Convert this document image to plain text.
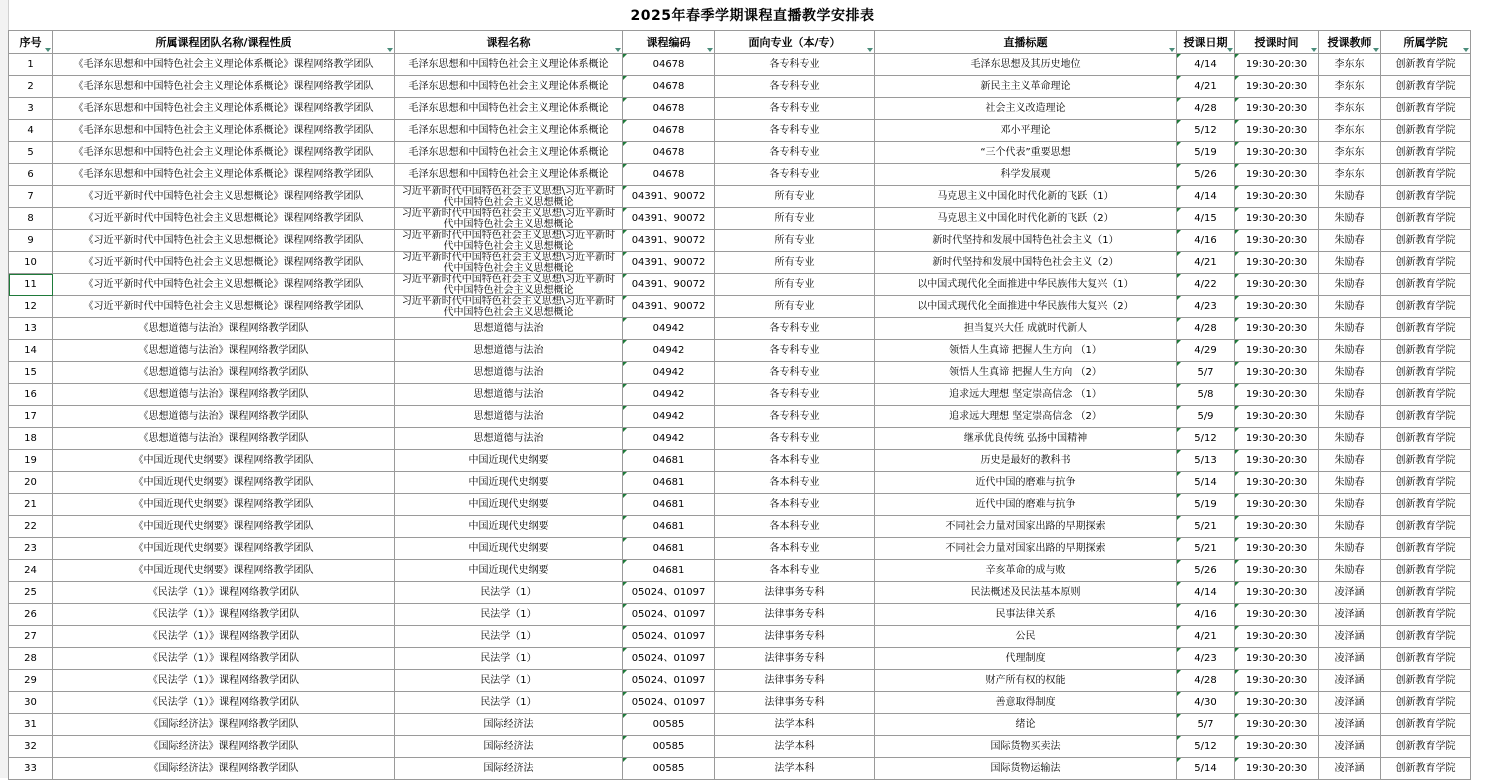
2025年春季学期课程直播教学安排表
序号	所属课程团队名称/课程性质	课程名称	课程编码	面向专业（本/专）	直播标题	授课日期	授课时间	授课教师	所属学院

1	《毛泽东思想和中国特色社会主义理论体系概论》课程网络教学团队	毛泽东思想和中国特色社会主义理论体系概论	04678	各专科专业	毛泽东思想及其历史地位	4/14	19:30-20:30	李东东	创新教育学院
2	《毛泽东思想和中国特色社会主义理论体系概论》课程网络教学团队	毛泽东思想和中国特色社会主义理论体系概论	04678	各专科专业	新民主主义革命理论	4/21	19:30-20:30	李东东	创新教育学院
3	《毛泽东思想和中国特色社会主义理论体系概论》课程网络教学团队	毛泽东思想和中国特色社会主义理论体系概论	04678	各专科专业	社会主义改造理论	4/28	19:30-20:30	李东东	创新教育学院
4	《毛泽东思想和中国特色社会主义理论体系概论》课程网络教学团队	毛泽东思想和中国特色社会主义理论体系概论	04678	各专科专业	邓小平理论	5/12	19:30-20:30	李东东	创新教育学院
5	《毛泽东思想和中国特色社会主义理论体系概论》课程网络教学团队	毛泽东思想和中国特色社会主义理论体系概论	04678	各专科专业	“三个代表”重要思想	5/19	19:30-20:30	李东东	创新教育学院
6	《毛泽东思想和中国特色社会主义理论体系概论》课程网络教学团队	毛泽东思想和中国特色社会主义理论体系概论	04678	各专科专业	科学发展观	5/26	19:30-20:30	李东东	创新教育学院
7	《习近平新时代中国特色社会主义思想概论》课程网络教学团队	习近平新时代中国特色社会主义思想\习近平新时代中国特色社会主义思想概论	04391、90072	所有专业	马克思主义中国化时代化新的飞跃（1）	4/14	19:30-20:30	朱励春	创新教育学院
8	《习近平新时代中国特色社会主义思想概论》课程网络教学团队	习近平新时代中国特色社会主义思想\习近平新时代中国特色社会主义思想概论	04391、90072	所有专业	马克思主义中国化时代化新的飞跃（2）	4/15	19:30-20:30	朱励春	创新教育学院
9	《习近平新时代中国特色社会主义思想概论》课程网络教学团队	习近平新时代中国特色社会主义思想\习近平新时代中国特色社会主义思想概论	04391、90072	所有专业	新时代坚持和发展中国特色社会主义（1）	4/16	19:30-20:30	朱励春	创新教育学院
10	《习近平新时代中国特色社会主义思想概论》课程网络教学团队	习近平新时代中国特色社会主义思想\习近平新时代中国特色社会主义思想概论	04391、90072	所有专业	新时代坚持和发展中国特色社会主义（2）	4/21	19:30-20:30	朱励春	创新教育学院
11	《习近平新时代中国特色社会主义思想概论》课程网络教学团队	习近平新时代中国特色社会主义思想\习近平新时代中国特色社会主义思想概论	04391、90072	所有专业	以中国式现代化全面推进中华民族伟大复兴（1）	4/22	19:30-20:30	朱励春	创新教育学院
12	《习近平新时代中国特色社会主义思想概论》课程网络教学团队	习近平新时代中国特色社会主义思想\习近平新时代中国特色社会主义思想概论	04391、90072	所有专业	以中国式现代化全面推进中华民族伟大复兴（2）	4/23	19:30-20:30	朱励春	创新教育学院
13	《思想道德与法治》课程网络教学团队	思想道德与法治	04942	各专科专业	担当复兴大任 成就时代新人	4/28	19:30-20:30	朱励春	创新教育学院
14	《思想道德与法治》课程网络教学团队	思想道德与法治	04942	各专科专业	领悟人生真谛 把握人生方向 （1）	4/29	19:30-20:30	朱励春	创新教育学院
15	《思想道德与法治》课程网络教学团队	思想道德与法治	04942	各专科专业	领悟人生真谛 把握人生方向 （2）	5/7	19:30-20:30	朱励春	创新教育学院
16	《思想道德与法治》课程网络教学团队	思想道德与法治	04942	各专科专业	追求远大理想 坚定崇高信念 （1）	5/8	19:30-20:30	朱励春	创新教育学院
17	《思想道德与法治》课程网络教学团队	思想道德与法治	04942	各专科专业	追求远大理想 坚定崇高信念 （2）	5/9	19:30-20:30	朱励春	创新教育学院
18	《思想道德与法治》课程网络教学团队	思想道德与法治	04942	各专科专业	继承优良传统 弘扬中国精神	5/12	19:30-20:30	朱励春	创新教育学院
19	《中国近现代史纲要》课程网络教学团队	中国近现代史纲要	04681	各本科专业	历史是最好的教科书	5/13	19:30-20:30	朱励春	创新教育学院
20	《中国近现代史纲要》课程网络教学团队	中国近现代史纲要	04681	各本科专业	近代中国的磨难与抗争	5/14	19:30-20:30	朱励春	创新教育学院
21	《中国近现代史纲要》课程网络教学团队	中国近现代史纲要	04681	各本科专业	近代中国的磨难与抗争	5/19	19:30-20:30	朱励春	创新教育学院
22	《中国近现代史纲要》课程网络教学团队	中国近现代史纲要	04681	各本科专业	不同社会力量对国家出路的早期探索	5/21	19:30-20:30	朱励春	创新教育学院
23	《中国近现代史纲要》课程网络教学团队	中国近现代史纲要	04681	各本科专业	不同社会力量对国家出路的早期探索	5/21	19:30-20:30	朱励春	创新教育学院
24	《中国近现代史纲要》课程网络教学团队	中国近现代史纲要	04681	各本科专业	辛亥革命的成与败	5/26	19:30-20:30	朱励春	创新教育学院
25	《民法学（1）》课程网络教学团队	民法学（1）	05024、01097	法律事务专科	民法概述及民法基本原则	4/14	19:30-20:30	凌泽涵	创新教育学院
26	《民法学（1）》课程网络教学团队	民法学（1）	05024、01097	法律事务专科	民事法律关系	4/16	19:30-20:30	凌泽涵	创新教育学院
27	《民法学（1）》课程网络教学团队	民法学（1）	05024、01097	法律事务专科	公民	4/21	19:30-20:30	凌泽涵	创新教育学院
28	《民法学（1）》课程网络教学团队	民法学（1）	05024、01097	法律事务专科	代理制度	4/23	19:30-20:30	凌泽涵	创新教育学院
29	《民法学（1）》课程网络教学团队	民法学（1）	05024、01097	法律事务专科	财产所有权的权能	4/28	19:30-20:30	凌泽涵	创新教育学院
30	《民法学（1）》课程网络教学团队	民法学（1）	05024、01097	法律事务专科	善意取得制度	4/30	19:30-20:30	凌泽涵	创新教育学院
31	《国际经济法》课程网络教学团队	国际经济法	00585	法学本科	绪论	5/7	19:30-20:30	凌泽涵	创新教育学院
32	《国际经济法》课程网络教学团队	国际经济法	00585	法学本科	国际货物买卖法	5/12	19:30-20:30	凌泽涵	创新教育学院
33	《国际经济法》课程网络教学团队	国际经济法	00585	法学本科	国际货物运输法	5/14	19:30-20:30	凌泽涵	创新教育学院
